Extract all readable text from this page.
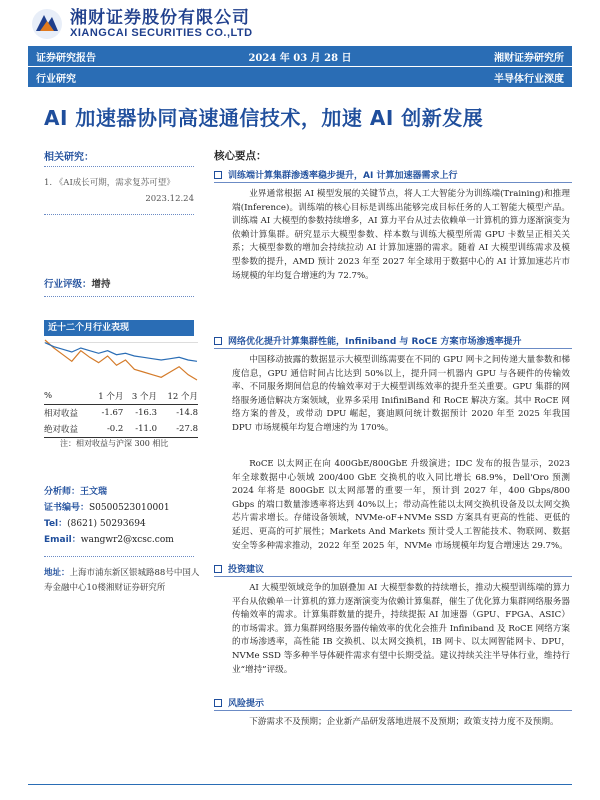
湘财证券股份有限公司
XIANGCAI SECURITIES CO.,LTD
证券研究报告	2024 年 03 月 28 日	湘财证券研究所
行业研究	半导体行业深度
AI 加速器协同高速通信技术，加速 AI 创新发展
相关研究：
1. 《AI成长可期，需求复苏可望》
2023.12.24
行业评级：增持
近十二个月行业表现
%	1 个月	3 个月	12 个月
相对收益	-1.67	-16.3	-14.8
绝对收益	-0.2	-11.0	-27.8
注：相对收益与沪深 300 相比
分析师：王文瑞
证书编号：S0500523010001
Tel：(8621) 50293694
Email：wangwr2@xcsc.com
地址：上海市浦东新区银城路88号中国人寿金融中心10楼湘财证券研究所
核心要点：
训练端计算集群渗透率稳步提升，AI 计算加速器需求上行
业界通常根据 AI 模型发展的关键节点，将人工大智能分为训练端(Training)和推理端(Inference)。训练端的核心目标是训练出能够完成目标任务的人工智能大模型产品。训练端 AI 大模型的参数持续增多，AI 算力平台从过去依赖单一计算机的算力逐渐演变为依赖计算集群。研究显示大模型参数、样本数与训练大模型所需 GPU 卡数呈正相关关系；大模型参数的增加会持续拉动 AI 计算加速器的需求。随着 AI 大模型训练需求及模型参数的提升，AMD 预计 2023 年至 2027 年全球用于数据中心的 AI 计算加速芯片市场规模的年均复合增速约为 72.7%。
网络优化提升计算集群性能，Infiniband 与 RoCE 方案市场渗透率提升
中国移动披露的数据显示大模型训练需要在不同的 GPU 网卡之间传递大量参数和梯度信息，GPU 通信时间占比达到 50%以上，提升同一机器内 GPU 与各硬件的传输效率、不同服务期间信息的传输效率对于大模型训练效率的提升至关重要。GPU 集群的网络服务通信解决方案领域，业界多采用 InifiniBand 和 RoCE 解决方案。其中 RoCE 网络方案的普及，或带动 DPU 崛起，赛迪顾问统计数据预计 2020 年至 2025 年我国 DPU 市场规模年均复合增速约为 170%。
RoCE 以太网正在向 400GbE/800GbE 升级演进；IDC 发布的报告显示，2023 年全球数据中心领域 200/400 GbE 交换机的收入同比增长 68.9%，Dell'Oro 预测 2024 年将是 800GbE 以太网部署的重要一年，预计到 2027 年，400 Gbps/800 Gbps 的端口数量渗透率将达到 40%以上；带动高性能以太网交换机设备及以太网交换芯片需求增长。存储设备领域，NVMe-oF+NVMe SSD 方案具有更高的性能、更低的延迟、更高的可扩展性；Markets And Markets 预计受人工智能技术、物联网、数据安全等多种需求推动，2022 年至 2025 年，NVMe 市场规模年均复合增速达 29.7%。
投资建议
AI 大模型领域竞争的加剧叠加 AI 大模型参数的持续增长，推动大模型训练端的算力平台从依赖单一计算机的算力逐渐演变为依赖计算集群，催生了优化算力集群网络服务器传输效率的需求。计算集群数量的提升，持续提振 AI 加速器（GPU、FPGA、ASIC）的市场需求。算力集群网络服务器传输效率的优化会推升 Infiniband 及 RoCE 网络方案的市场渗透率，高性能 IB 交换机、以太网交换机，IB 网卡、以太网智能网卡、DPU，NVMe SSD 等多种半导体硬件需求有望中长期受益。建议持续关注半导体行业，维持行业“增持”评级。
风险提示
下游需求不及预期；企业新产品研发落地进展不及预期；政策支持力度不及预期。
